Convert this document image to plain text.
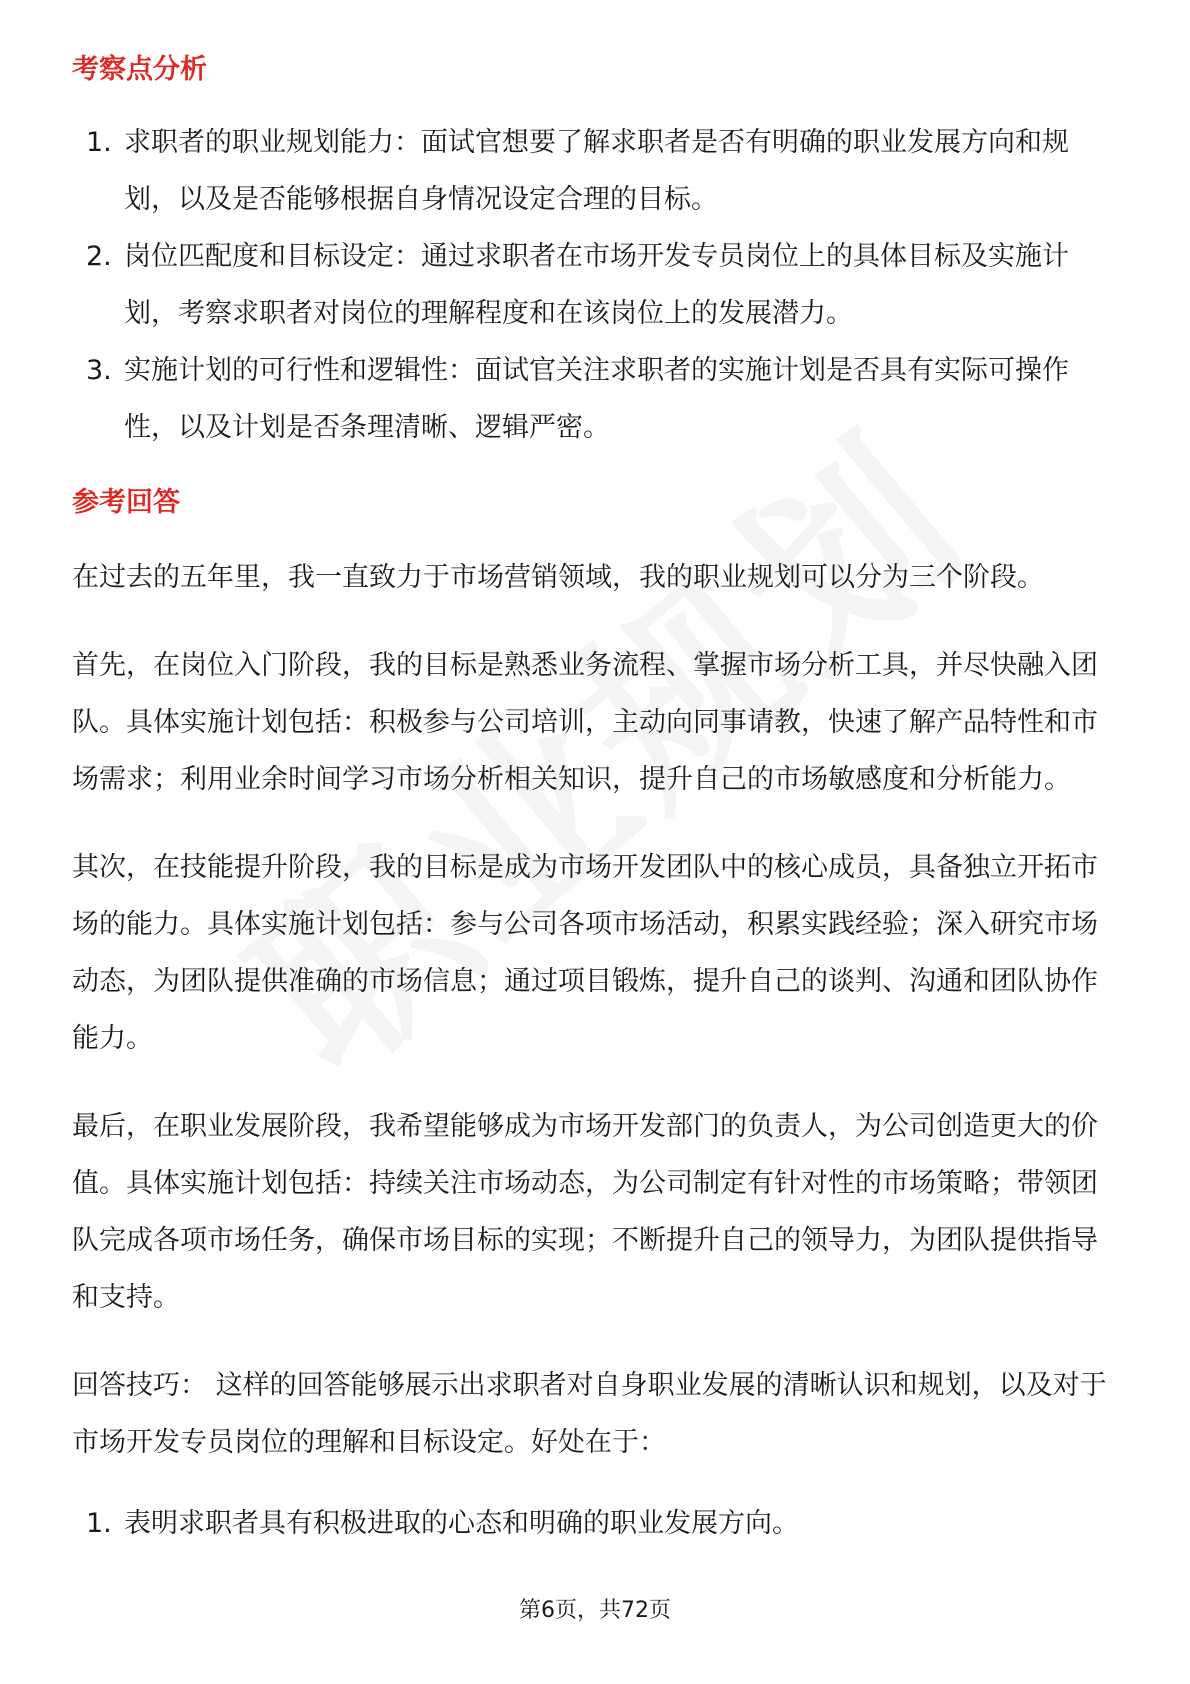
考察点分析
1. 求职者的职业规划能力：面试官想要了解求职者是否有明确的职业发展方向和规划，以及是否能够根据自身情况设定合理的目标。
2. 岗位匹配度和目标设定：通过求职者在市场开发专员岗位上的具体目标及实施计划，考察求职者对岗位的理解程度和在该岗位上的发展潜力。
3. 实施计划的可行性和逻辑性：面试官关注求职者的实施计划是否具有实际可操作性，以及计划是否条理清晰、逻辑严密。
参考回答

在过去的五年里，我一直致力于市场营销领域，我的职业规划可以分为三个阶段。

首先，在岗位入门阶段，我的目标是熟悉业务流程、掌握市场分析工具，并尽快融入团队。具体实施计划包括：积极参与公司培训，主动向同事请教，快速了解产品特性和市场需求；利用业余时间学习市场分析相关知识，提升自己的市场敏感度和分析能力。

其次，在技能提升阶段，我的目标是成为市场开发团队中的核心成员，具备独立开拓市场的能力。具体实施计划包括：参与公司各项市场活动，积累实践经验；深入研究市场动态，为团队提供准确的市场信息；通过项目锻炼，提升自己的谈判、沟通和团队协作能力。

最后，在职业发展阶段，我希望能够成为市场开发部门的负责人，为公司创造更大的价值。具体实施计划包括：持续关注市场动态，为公司制定有针对性的市场策略；带领团队完成各项市场任务，确保市场目标的实现；不断提升自己的领导力，为团队提供指导和支持。

回答技巧： 这样的回答能够展示出求职者对自身职业发展的清晰认识和规划，以及对于市场开发专员岗位的理解和目标设定。好处在于：

1. 表明求职者具有积极进取的心态和明确的职业发展方向。
第6页，共72页
